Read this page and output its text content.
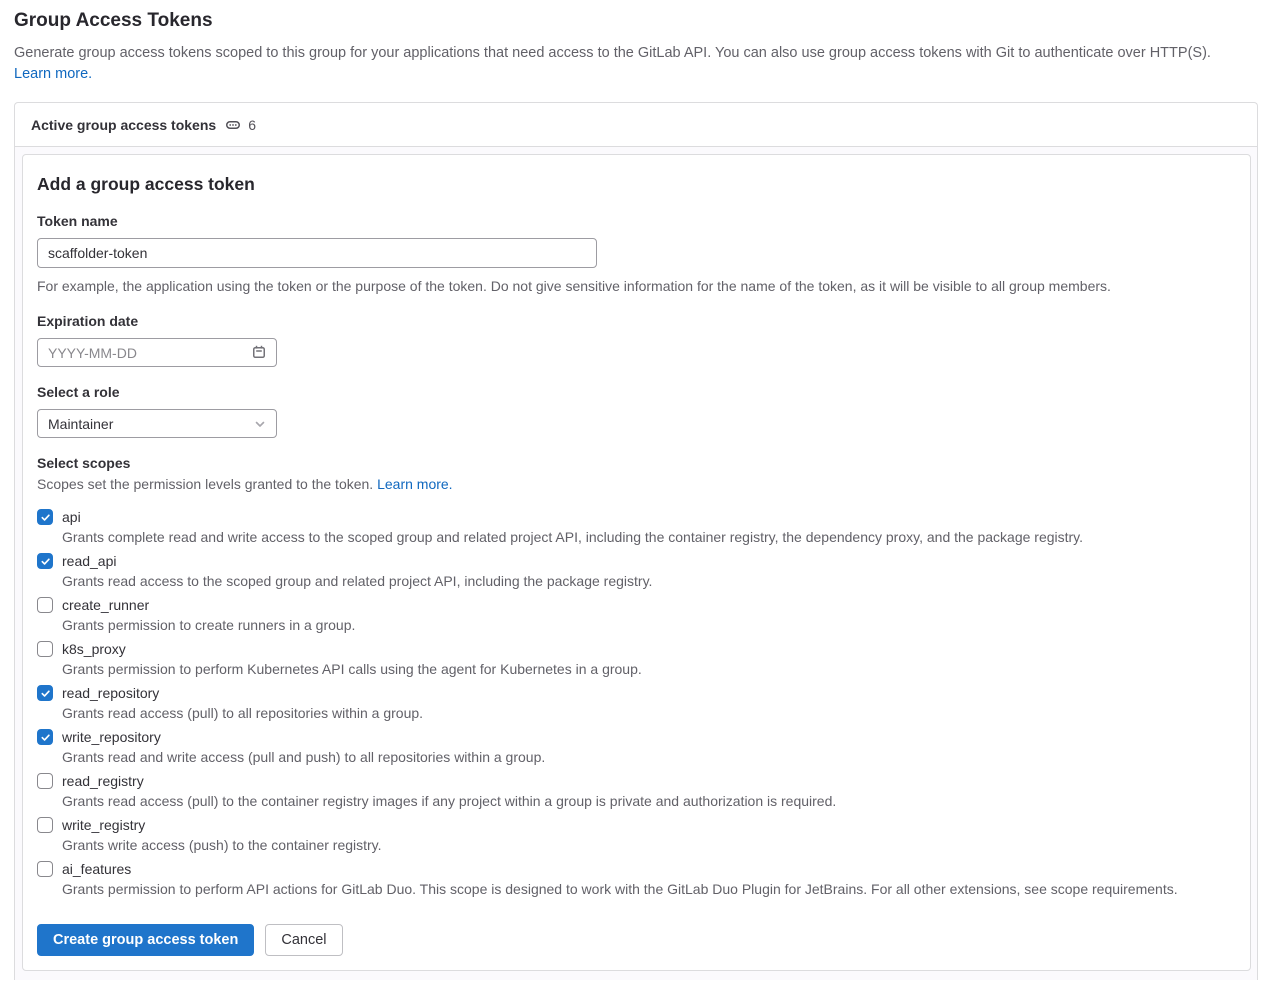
Group Access Tokens
Generate group access tokens scoped to this group for your applications that need access to the GitLab API. You can also use group access tokens with Git to authenticate over HTTP(S). Learn more.
Active group access tokens 6
Add a group access token
Token name
scaffolder-token
For example, the application using the token or the purpose of the token. Do not give sensitive information for the name of the token, as it will be visible to all group members.
Expiration date
YYYY-MM-DD
Select a role
Maintainer
Select scopes
Scopes set the permission levels granted to the token. Learn more.
api
Grants complete read and write access to the scoped group and related project API, including the container registry, the dependency proxy, and the package registry.
read_api
Grants read access to the scoped group and related project API, including the package registry.
create_runner
Grants permission to create runners in a group.
k8s_proxy
Grants permission to perform Kubernetes API calls using the agent for Kubernetes in a group.
read_repository
Grants read access (pull) to all repositories within a group.
write_repository
Grants read and write access (pull and push) to all repositories within a group.
read_registry
Grants read access (pull) to the container registry images if any project within a group is private and authorization is required.
write_registry
Grants write access (push) to the container registry.
ai_features
Grants permission to perform API actions for GitLab Duo. This scope is designed to work with the GitLab Duo Plugin for JetBrains. For all other extensions, see scope requirements.
Create group access token	Cancel
